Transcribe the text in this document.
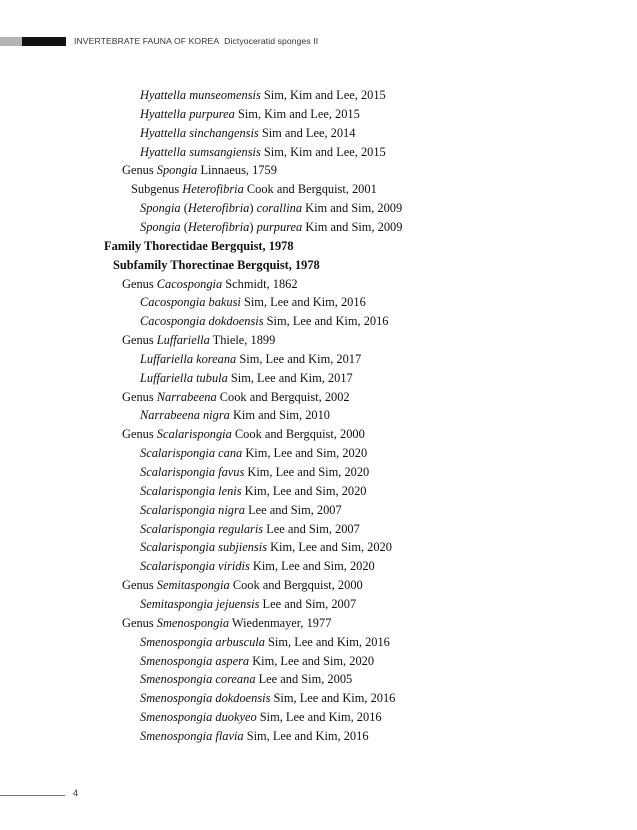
INVERTEBRATE FAUNA OF KOREA Dictyoceratid sponges II
Hyattella munseomensis Sim, Kim and Lee, 2015
Hyattella purpurea Sim, Kim and Lee, 2015
Hyattella sinchangensis Sim and Lee, 2014
Hyattella sumsangiensis Sim, Kim and Lee, 2015
Genus Spongia Linnaeus, 1759
Subgenus Heterofibria Cook and Bergquist, 2001
Spongia (Heterofibria) corallina Kim and Sim, 2009
Spongia (Heterofibria) purpurea Kim and Sim, 2009
Family Thorectidae Bergquist, 1978
Subfamily Thorectinae Bergquist, 1978
Genus Cacospongia Schmidt, 1862
Cacospongia bakusi Sim, Lee and Kim, 2016
Cacospongia dokdoensis Sim, Lee and Kim, 2016
Genus Luffariella Thiele, 1899
Luffariella koreana Sim, Lee and Kim, 2017
Luffariella tubula Sim, Lee and Kim, 2017
Genus Narrabeena Cook and Bergquist, 2002
Narrabeena nigra Kim and Sim, 2010
Genus Scalarispongia Cook and Bergquist, 2000
Scalarispongia cana Kim, Lee and Sim, 2020
Scalarispongia favus Kim, Lee and Sim, 2020
Scalarispongia lenis Kim, Lee and Sim, 2020
Scalarispongia nigra Lee and Sim, 2007
Scalarispongia regularis Lee and Sim, 2007
Scalarispongia subjiensis Kim, Lee and Sim, 2020
Scalarispongia viridis Kim, Lee and Sim, 2020
Genus Semitaspongia Cook and Bergquist, 2000
Semitaspongia jejuensis Lee and Sim, 2007
Genus Smenospongia Wiedenmayer, 1977
Smenospongia arbuscula Sim, Lee and Kim, 2016
Smenospongia aspera Kim, Lee and Sim, 2020
Smenospongia coreana Lee and Sim, 2005
Smenospongia dokdoensis Sim, Lee and Kim, 2016
Smenospongia duokyeo Sim, Lee and Kim, 2016
Smenospongia flavia Sim, Lee and Kim, 2016
4
